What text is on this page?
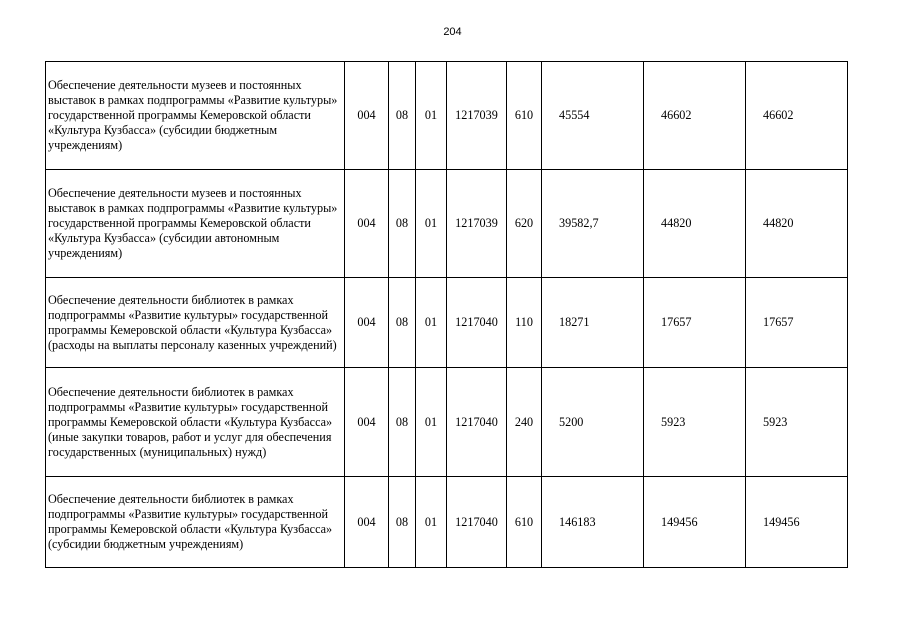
204
Обеспечение деятельности музеев и постоянных выставок в рамках подпрограммы «Развитие культуры» государственной программы Кемеровской области «Культура Кузбасса» (субсидии бюджетным учреждениям)	004	08	01	1217039	610	45554	46602	46602
Обеспечение деятельности музеев и постоянных выставок в рамках подпрограммы «Развитие культуры» государственной программы Кемеровской области «Культура Кузбасса» (субсидии автономным учреждениям)	004	08	01	1217039	620	39582,7	44820	44820
Обеспечение деятельности библиотек в рамках подпрограммы «Развитие культуры» государственной программы Кемеровской области «Культура Кузбасса» (расходы на выплаты персоналу казенных учреждений)	004	08	01	1217040	110	18271	17657	17657
Обеспечение деятельности библиотек в рамках подпрограммы «Развитие культуры» государственной программы Кемеровской области «Культура Кузбасса» (иные закупки товаров, работ и услуг для обеспечения государственных (муниципальных) нужд)	004	08	01	1217040	240	5200	5923	5923
Обеспечение деятельности библиотек в рамках подпрограммы «Развитие культуры» государственной программы Кемеровской области «Культура Кузбасса» (субсидии бюджетным учреждениям)	004	08	01	1217040	610	146183	149456	149456
